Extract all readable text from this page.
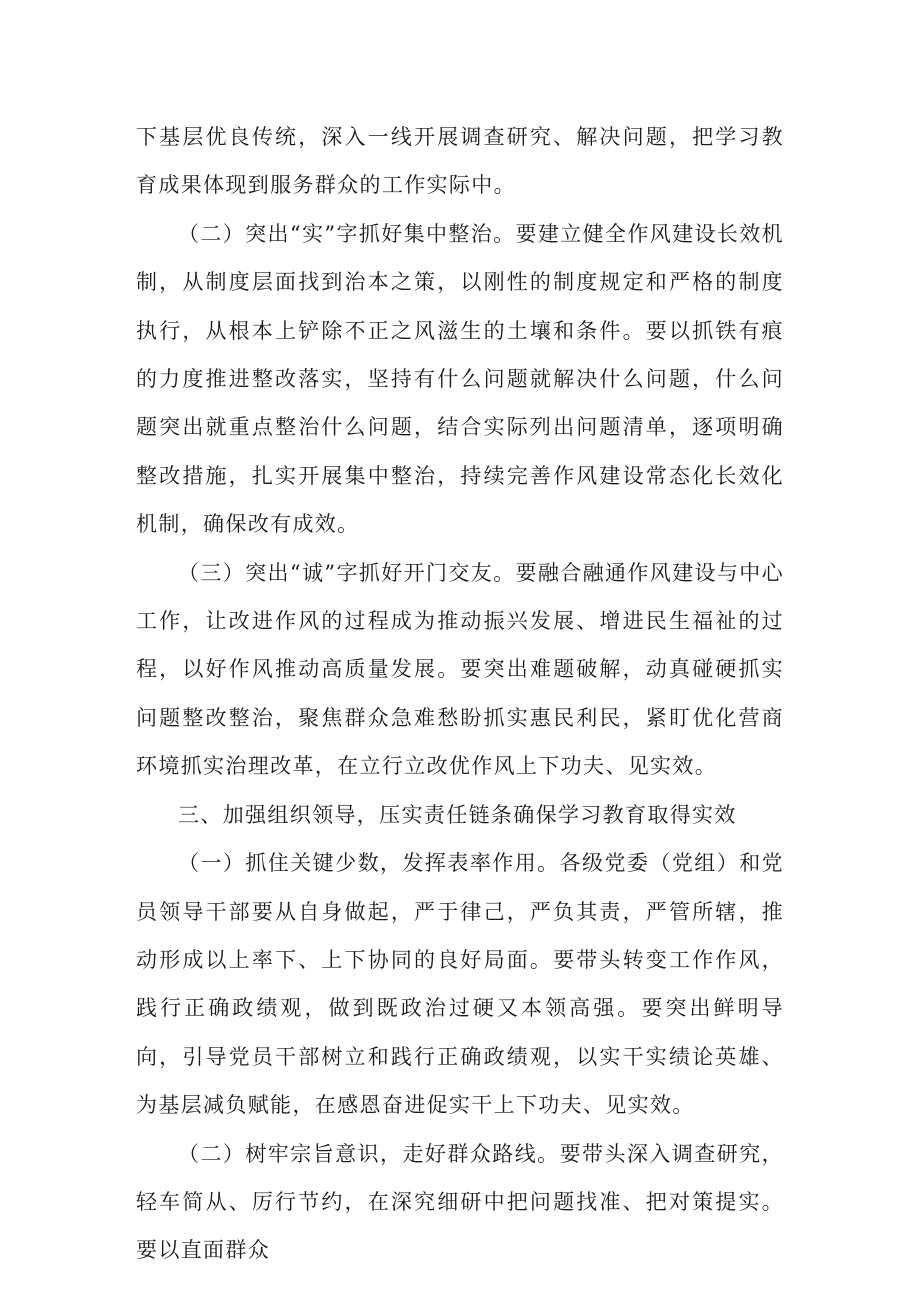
下基层优良传统，深入一线开展调查研究、解决问题，把学习教育成果体现到服务群众的工作实际中。

（二）突出“实”字抓好集中整治。要建立健全作风建设长效机制，从制度层面找到治本之策，以刚性的制度规定和严格的制度执行，从根本上铲除不正之风滋生的土壤和条件。要以抓铁有痕的力度推进整改落实，坚持有什么问题就解决什么问题，什么问题突出就重点整治什么问题，结合实际列出问题清单，逐项明确整改措施，扎实开展集中整治，持续完善作风建设常态化长效化机制，确保改有成效。

（三）突出“诚”字抓好开门交友。要融合融通作风建设与中心工作，让改进作风的过程成为推动振兴发展、增进民生福祉的过程，以好作风推动高质量发展。要突出难题破解，动真碰硬抓实问题整改整治，聚焦群众急难愁盼抓实惠民利民，紧盯优化营商环境抓实治理改革，在立行立改优作风上下功夫、见实效。

三、加强组织领导，压实责任链条确保学习教育取得实效

（一）抓住关键少数，发挥表率作用。各级党委（党组）和党员领导干部要从自身做起，严于律己，严负其责，严管所辖，推动形成以上率下、上下协同的良好局面。要带头转变工作作风，践行正确政绩观，做到既政治过硬又本领高强。要突出鲜明导向，引导党员干部树立和践行正确政绩观，以实干实绩论英雄、为基层减负赋能，在感恩奋进促实干上下功夫、见实效。

（二）树牢宗旨意识，走好群众路线。要带头深入调查研究，轻车简从、厉行节约，在深究细研中把问题找准、把对策提实。要以直面群众
